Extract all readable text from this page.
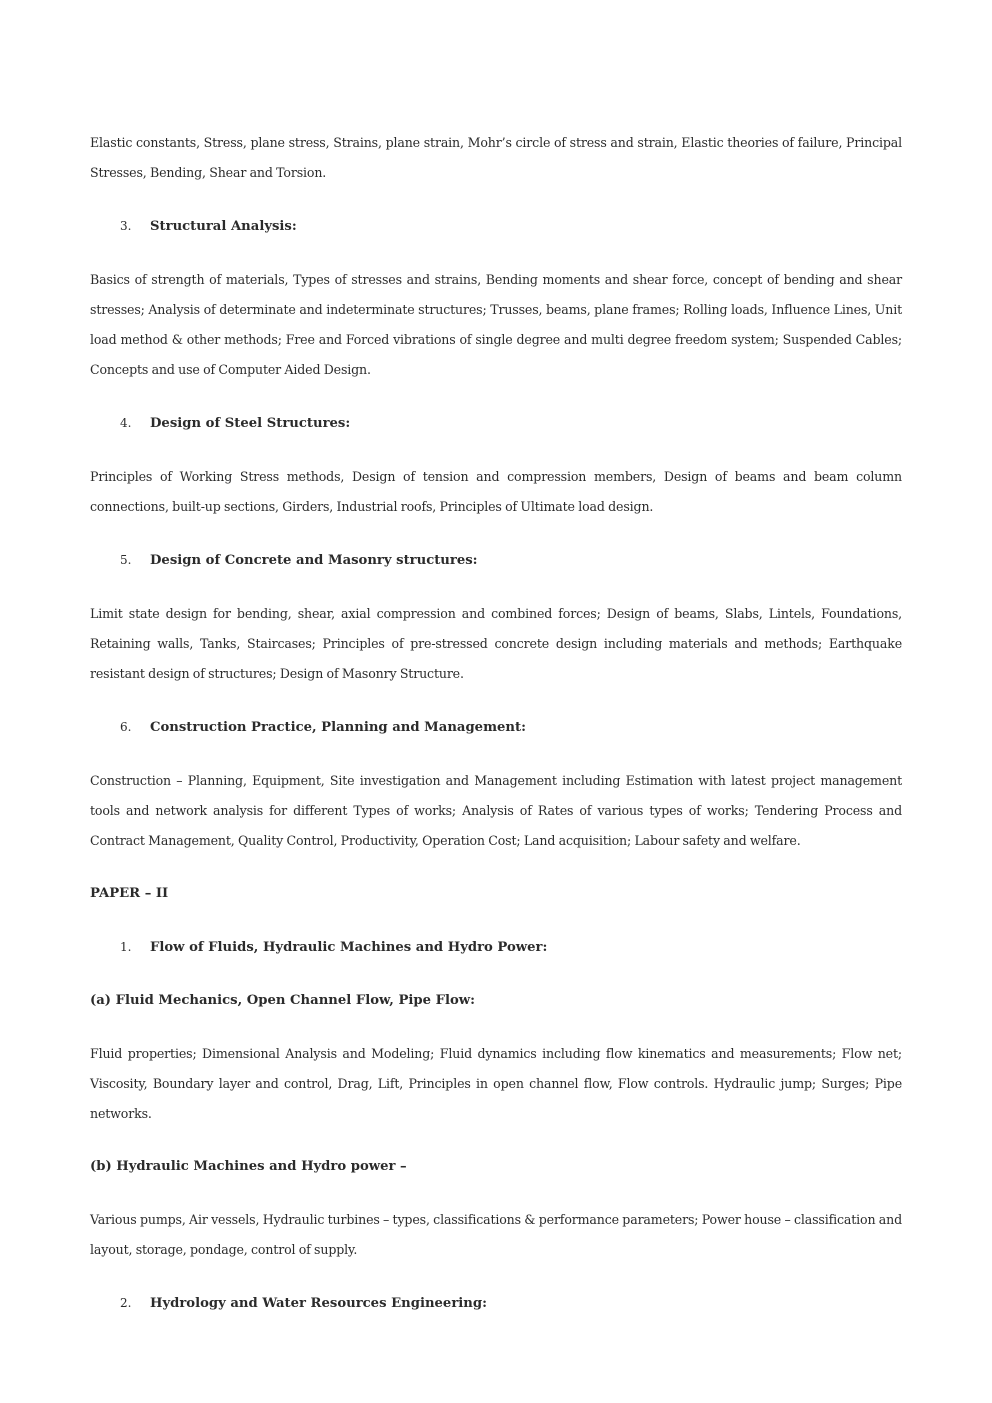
Elastic constants, Stress, plane stress, Strains, plane strain, Mohr’s circle of stress and strain, Elastic theories of failure, Principal Stresses, Bending, Shear and Torsion.

3.	Structural Analysis:

Basics of strength of materials, Types of stresses and strains, Bending moments and shear force, concept of bending and shear stresses; Analysis of determinate and indeterminate structures; Trusses, beams, plane frames; Rolling loads, Influence Lines, Unit load method & other methods; Free and Forced vibrations of single degree and multi degree freedom system; Suspended Cables; Concepts and use of Computer Aided Design.

4.	Design of Steel Structures:

Principles of Working Stress methods, Design of tension and compression members, Design of beams and beam column connections, built-up sections, Girders, Industrial roofs, Principles of Ultimate load design.

5.	Design of Concrete and Masonry structures:

Limit state design for bending, shear, axial compression and combined forces; Design of beams, Slabs, Lintels, Foundations, Retaining walls, Tanks, Staircases; Principles of pre-stressed concrete design including materials and methods; Earthquake resistant design of structures; Design of Masonry Structure.

6.	Construction Practice, Planning and Management:

Construction – Planning, Equipment, Site investigation and Management including Estimation with latest project management tools and network analysis for different Types of works; Analysis of Rates of various types of works; Tendering Process and Contract Management, Quality Control, Productivity, Operation Cost; Land acquisition; Labour safety and welfare.

PAPER – II

1.	Flow of Fluids, Hydraulic Machines and Hydro Power:

(a) Fluid Mechanics, Open Channel Flow, Pipe Flow:

Fluid properties; Dimensional Analysis and Modeling; Fluid dynamics including flow kinematics and measurements; Flow net; Viscosity, Boundary layer and control, Drag, Lift, Principles in open channel flow, Flow controls. Hydraulic jump; Surges; Pipe networks.

(b) Hydraulic Machines and Hydro power –

Various pumps, Air vessels, Hydraulic turbines – types, classifications & performance parameters; Power house – classification and layout, storage, pondage, control of supply.

2.	Hydrology and Water Resources Engineering:
